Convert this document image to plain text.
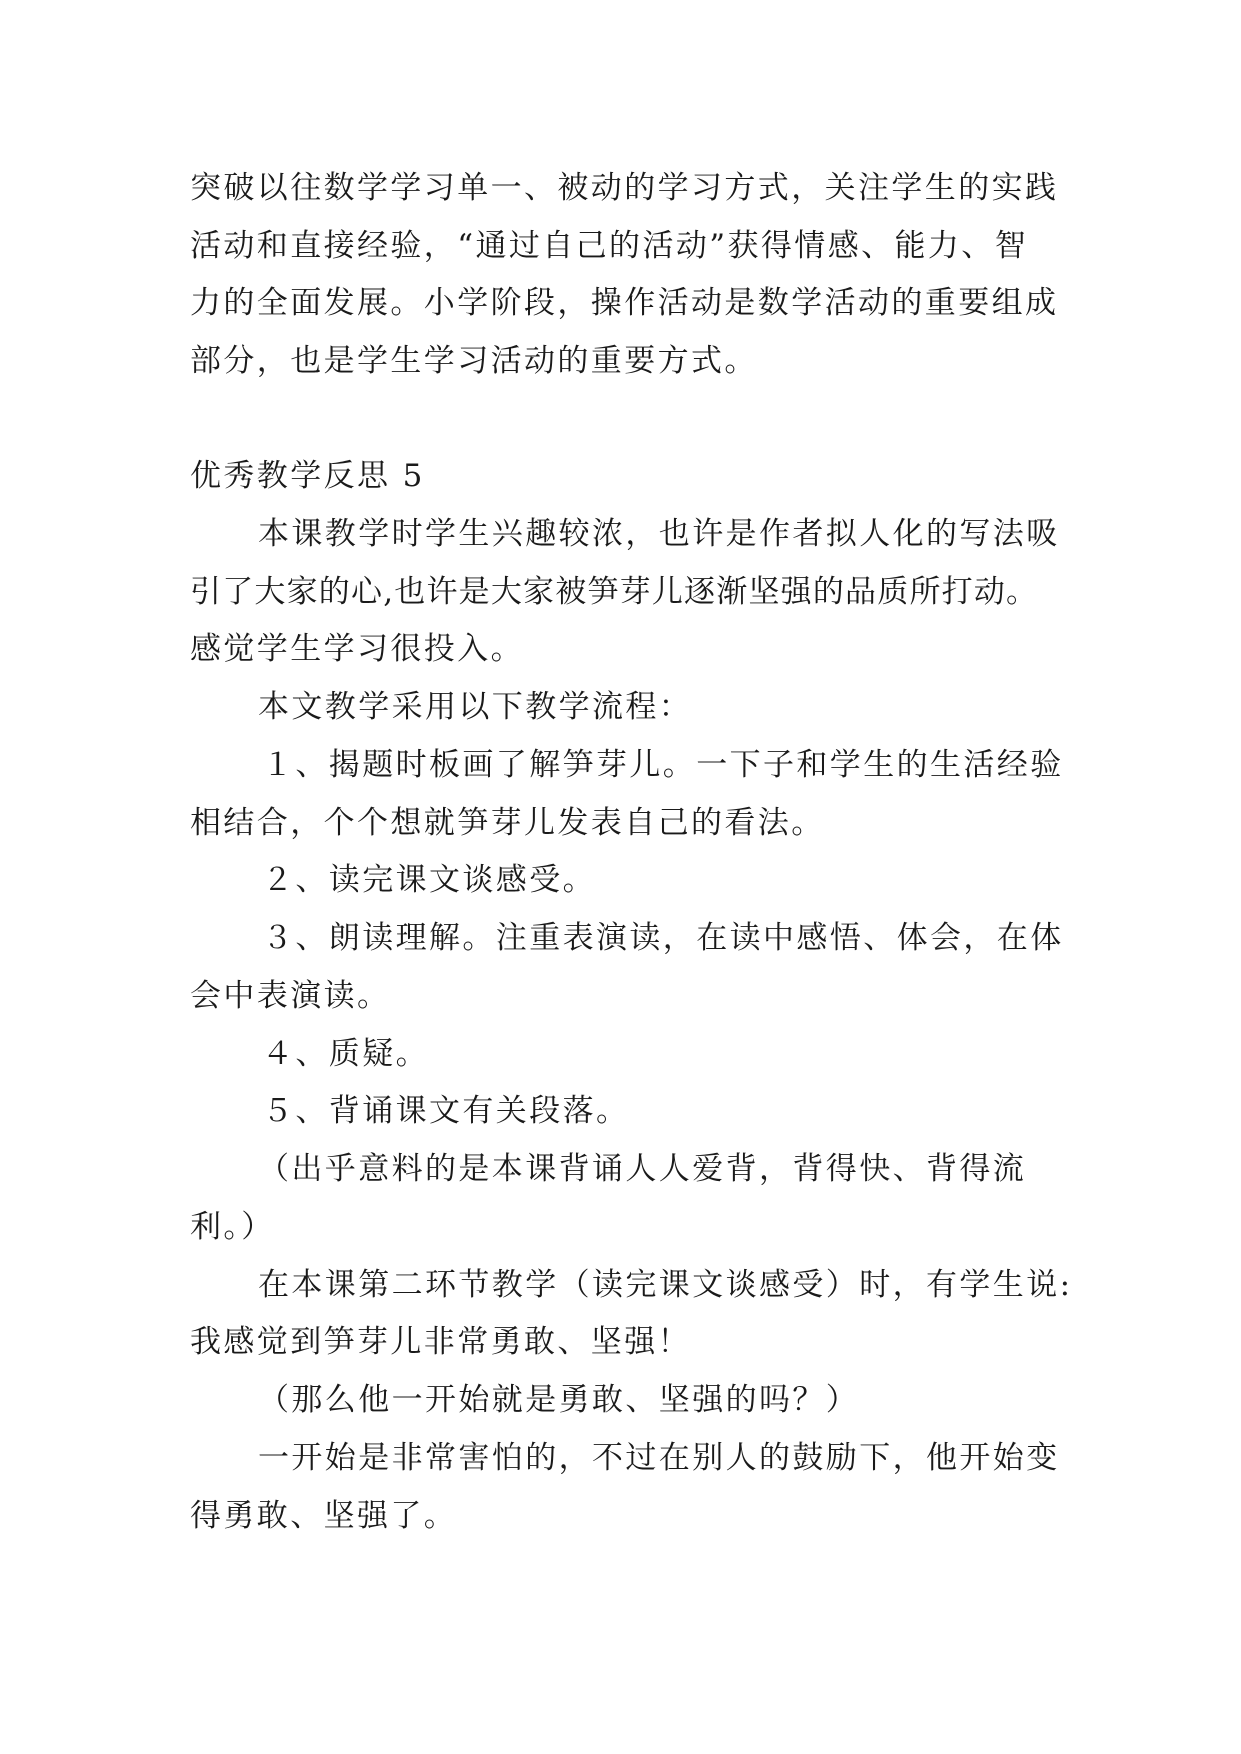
突破以往数学学习单一、被动的学习方式，关注学生的实践
活动和直接经验，“通过自己的活动”获得情感、能力、智
力的全面发展。小学阶段，操作活动是数学活动的重要组成
部分，也是学生学习活动的重要方式。
优秀教学反思 5
本课教学时学生兴趣较浓，也许是作者拟人化的写法吸
引了大家的心,也许是大家被笋芽儿逐渐坚强的品质所打动。
感觉学生学习很投入。
本文教学采用以下教学流程：
１、揭题时板画了解笋芽儿。一下子和学生的生活经验
相结合，个个想就笋芽儿发表自己的看法。
２、读完课文谈感受。
３、朗读理解。注重表演读，在读中感悟、体会，在体
会中表演读。
４、质疑。
５、背诵课文有关段落。
（出乎意料的是本课背诵人人爱背，背得快、背得流
利。）
在本课第二环节教学（读完课文谈感受）时，有学生说:
我感觉到笋芽儿非常勇敢、坚强！
（那么他一开始就是勇敢、坚强的吗？）
一开始是非常害怕的，不过在别人的鼓励下，他开始变
得勇敢、坚强了。
